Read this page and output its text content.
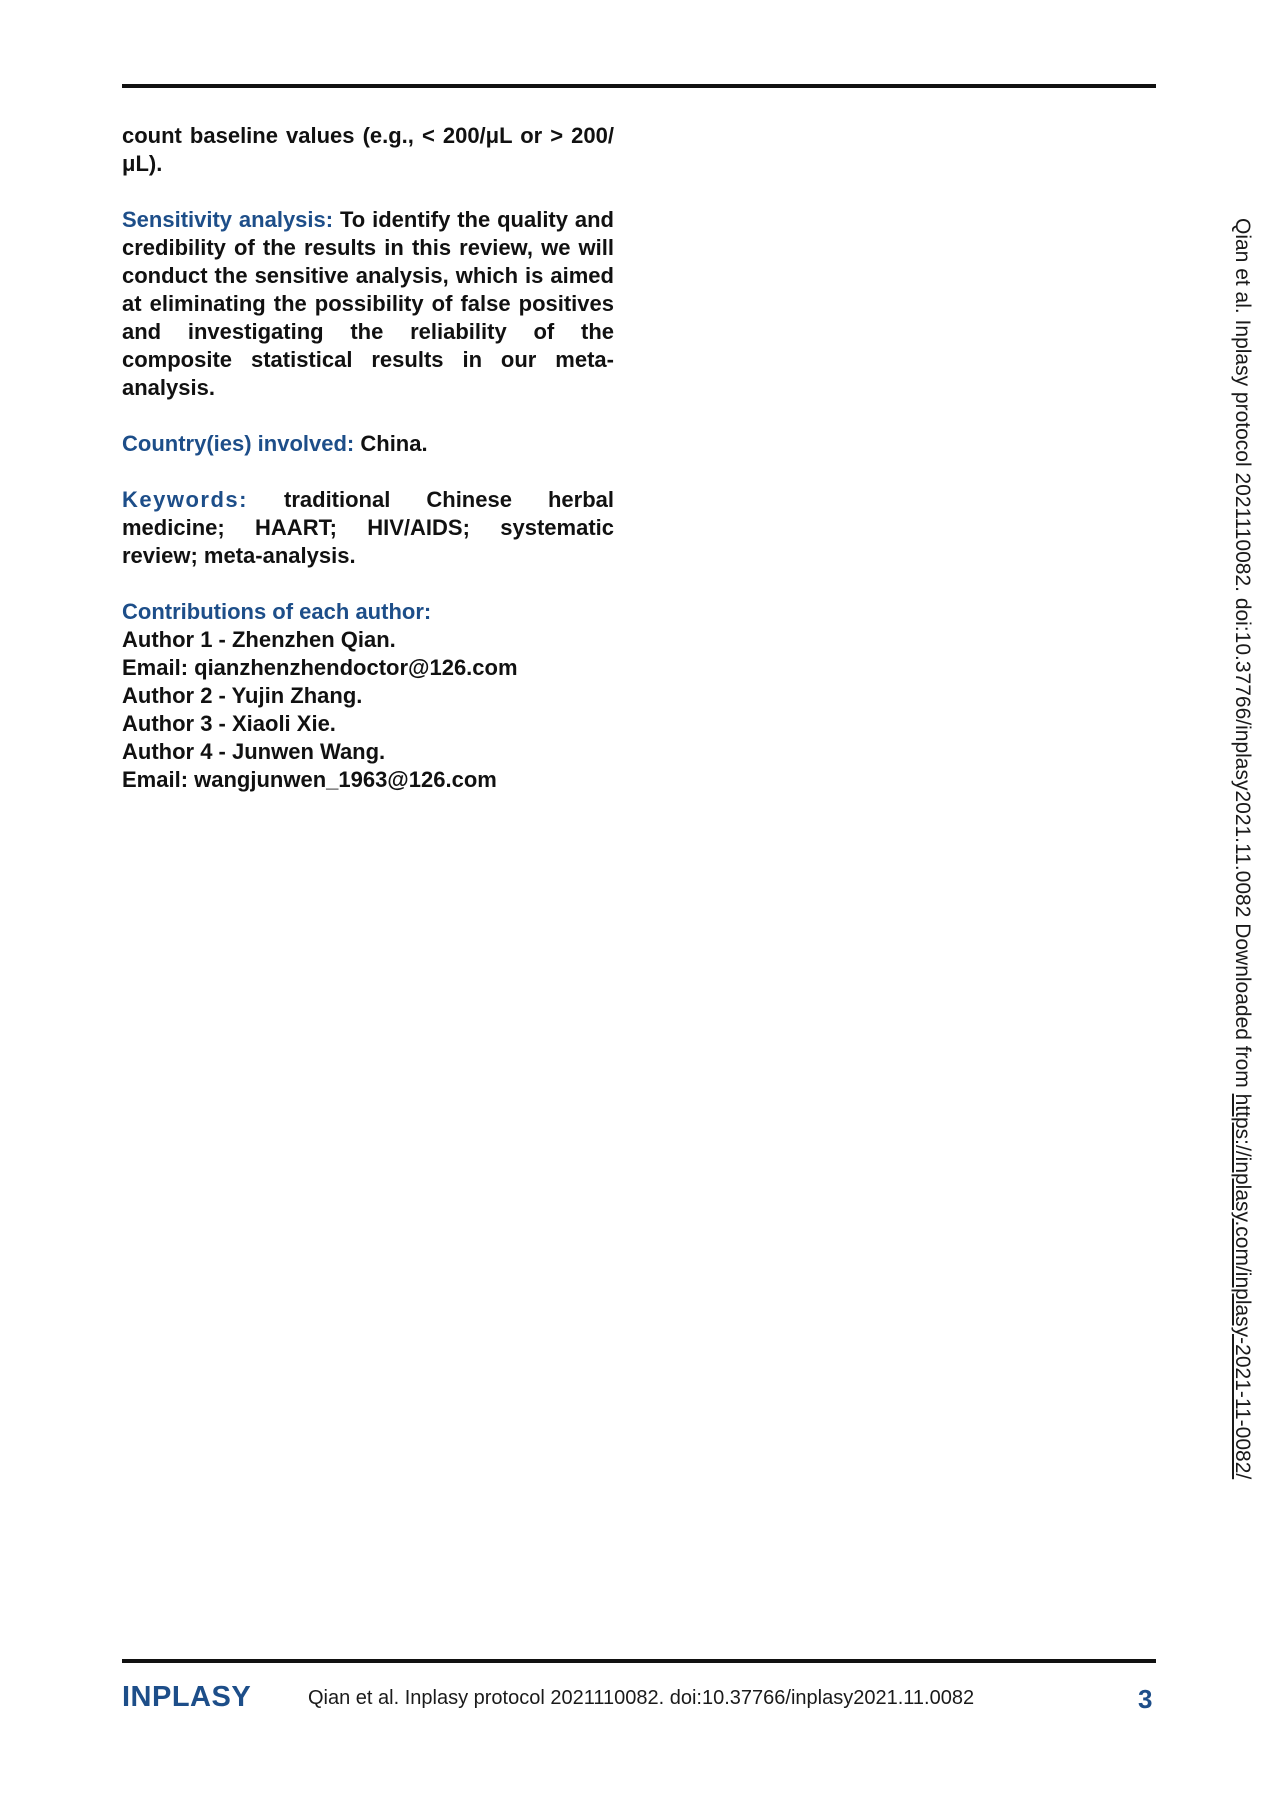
count baseline values (e.g., < 200/μL or > 200/μL).

Sensitivity analysis: To identify the quality and credibility of the results in this review, we will conduct the sensitive analysis, which is aimed at eliminating the possibility of false positives and investigating the reliability of the composite statistical results in our meta-analysis.

Country(ies) involved: China.

Keywords: traditional Chinese herbal medicine; HAART; HIV/AIDS; systematic review; meta-analysis.

Contributions of each author:
Author 1 - Zhenzhen Qian.
Email: qianzhenzhendoctor@126.com
Author 2 - Yujin Zhang.
Author 3 - Xiaoli Xie.
Author 4 - Junwen Wang.
Email: wangjunwen_1963@126.com	Qian et al. Inplasy protocol 2021110082. doi:10.37766/inplasy2021.11.0082 Downloaded from https://inplasy.com/inplasy-2021-11-0082/
INPLASY	Qian et al. Inplasy protocol 2021110082. doi:10.37766/inplasy2021.11.0082	3
